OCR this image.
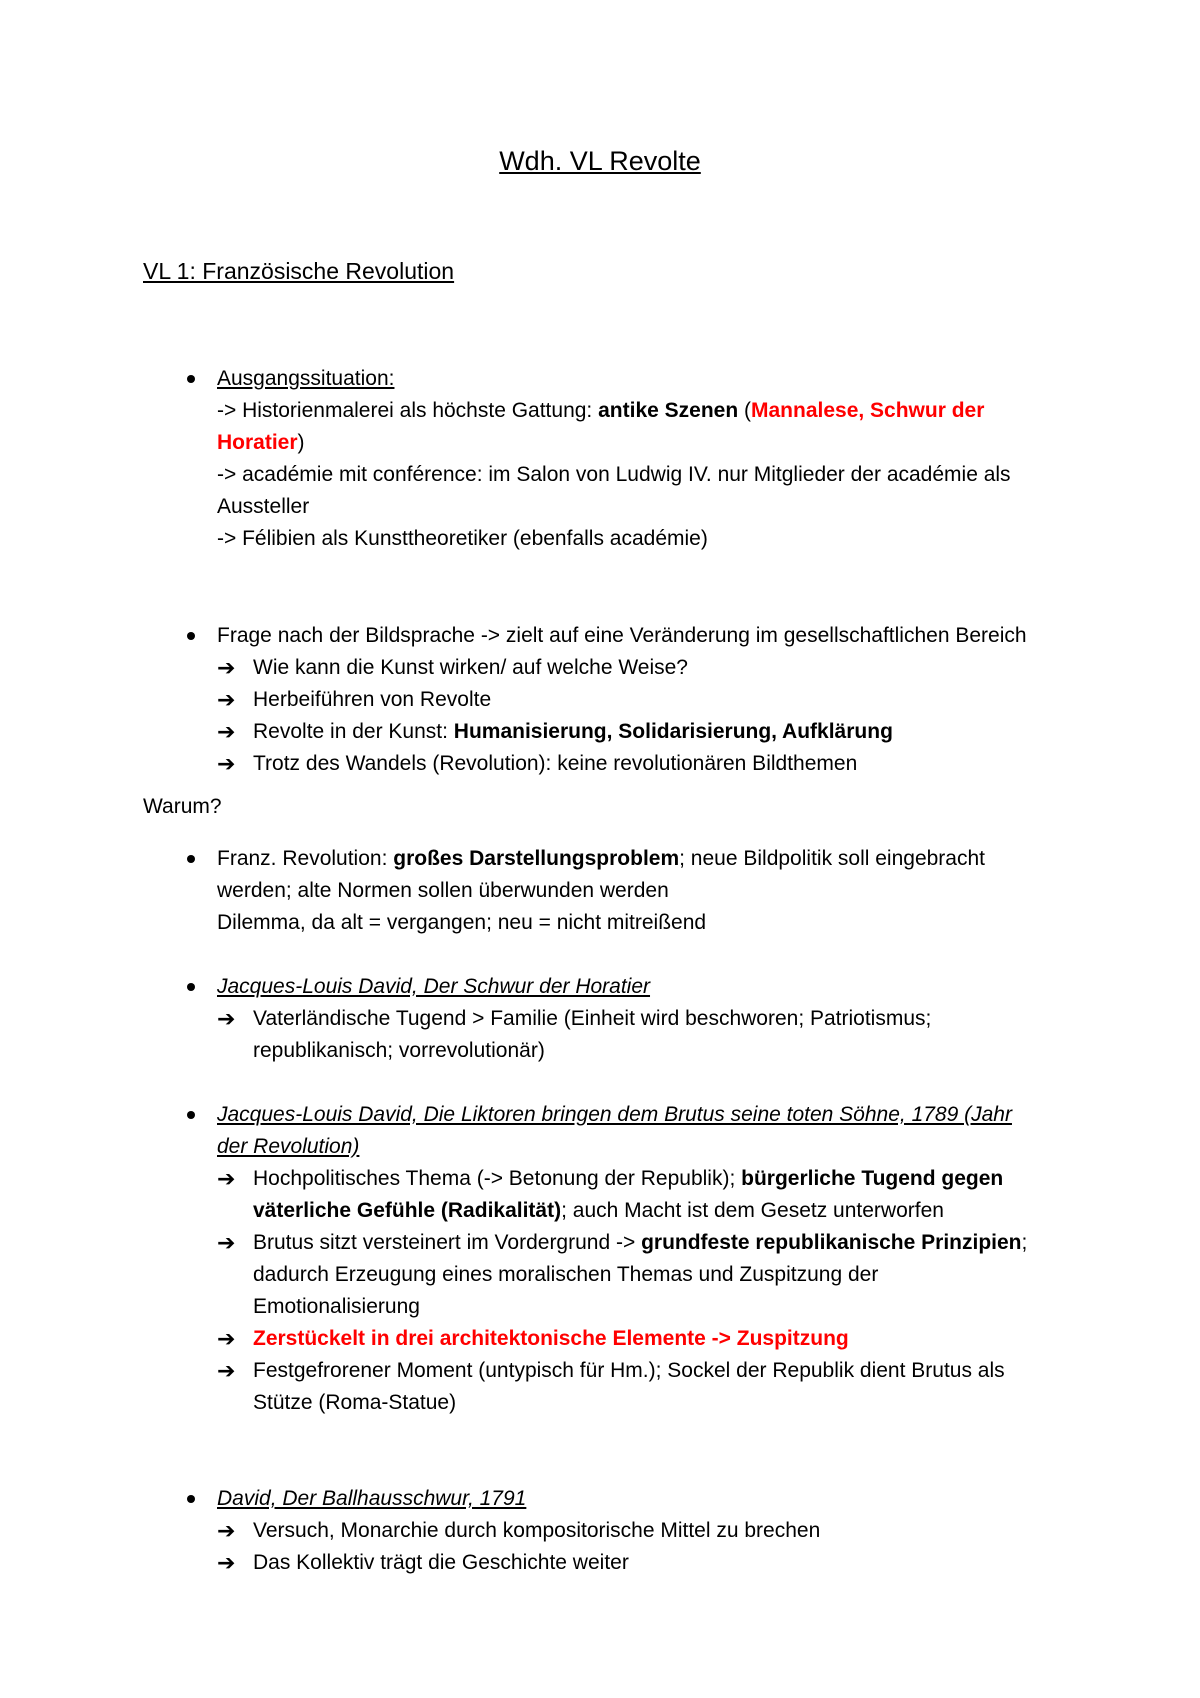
Wdh. VL Revolte
VL 1: Französische Revolution
Ausgangssituation:
-> Historienmalerei als höchste Gattung: antike Szenen (Mannalese, Schwur der
Horatier)
-> académie mit conférence: im Salon von Ludwig IV. nur Mitglieder der académie als
Aussteller
-> Félibien als Kunsttheoretiker (ebenfalls académie)
Frage nach der Bildsprache -> zielt auf eine Veränderung im gesellschaftlichen Bereich
➔ Wie kann die Kunst wirken/ auf welche Weise?
➔ Herbeiführen von Revolte
➔ Revolte in der Kunst: Humanisierung, Solidarisierung, Aufklärung
➔ Trotz des Wandels (Revolution): keine revolutionären Bildthemen
Warum?
Franz. Revolution: großes Darstellungsproblem; neue Bildpolitik soll eingebracht
werden; alte Normen sollen überwunden werden
Dilemma, da alt = vergangen; neu = nicht mitreißend
Jacques-Louis David, Der Schwur der Horatier
➔ Vaterländische Tugend > Familie (Einheit wird beschworen; Patriotismus;
republikanisch; vorrevolutionär)
Jacques-Louis David, Die Liktoren bringen dem Brutus seine toten Söhne, 1789 (Jahr
der Revolution)
➔ Hochpolitisches Thema (-> Betonung der Republik); bürgerliche Tugend gegen
väterliche Gefühle (Radikalität); auch Macht ist dem Gesetz unterworfen
➔ Brutus sitzt versteinert im Vordergrund -> grundfeste republikanische Prinzipien;
dadurch Erzeugung eines moralischen Themas und Zuspitzung der
Emotionalisierung
➔ Zerstückelt in drei architektonische Elemente -> Zuspitzung
➔ Festgefrorener Moment (untypisch für Hm.); Sockel der Republik dient Brutus als
Stütze (Roma-Statue)
David, Der Ballhausschwur, 1791
➔ Versuch, Monarchie durch kompositorische Mittel zu brechen
➔ Das Kollektiv trägt die Geschichte weiter
